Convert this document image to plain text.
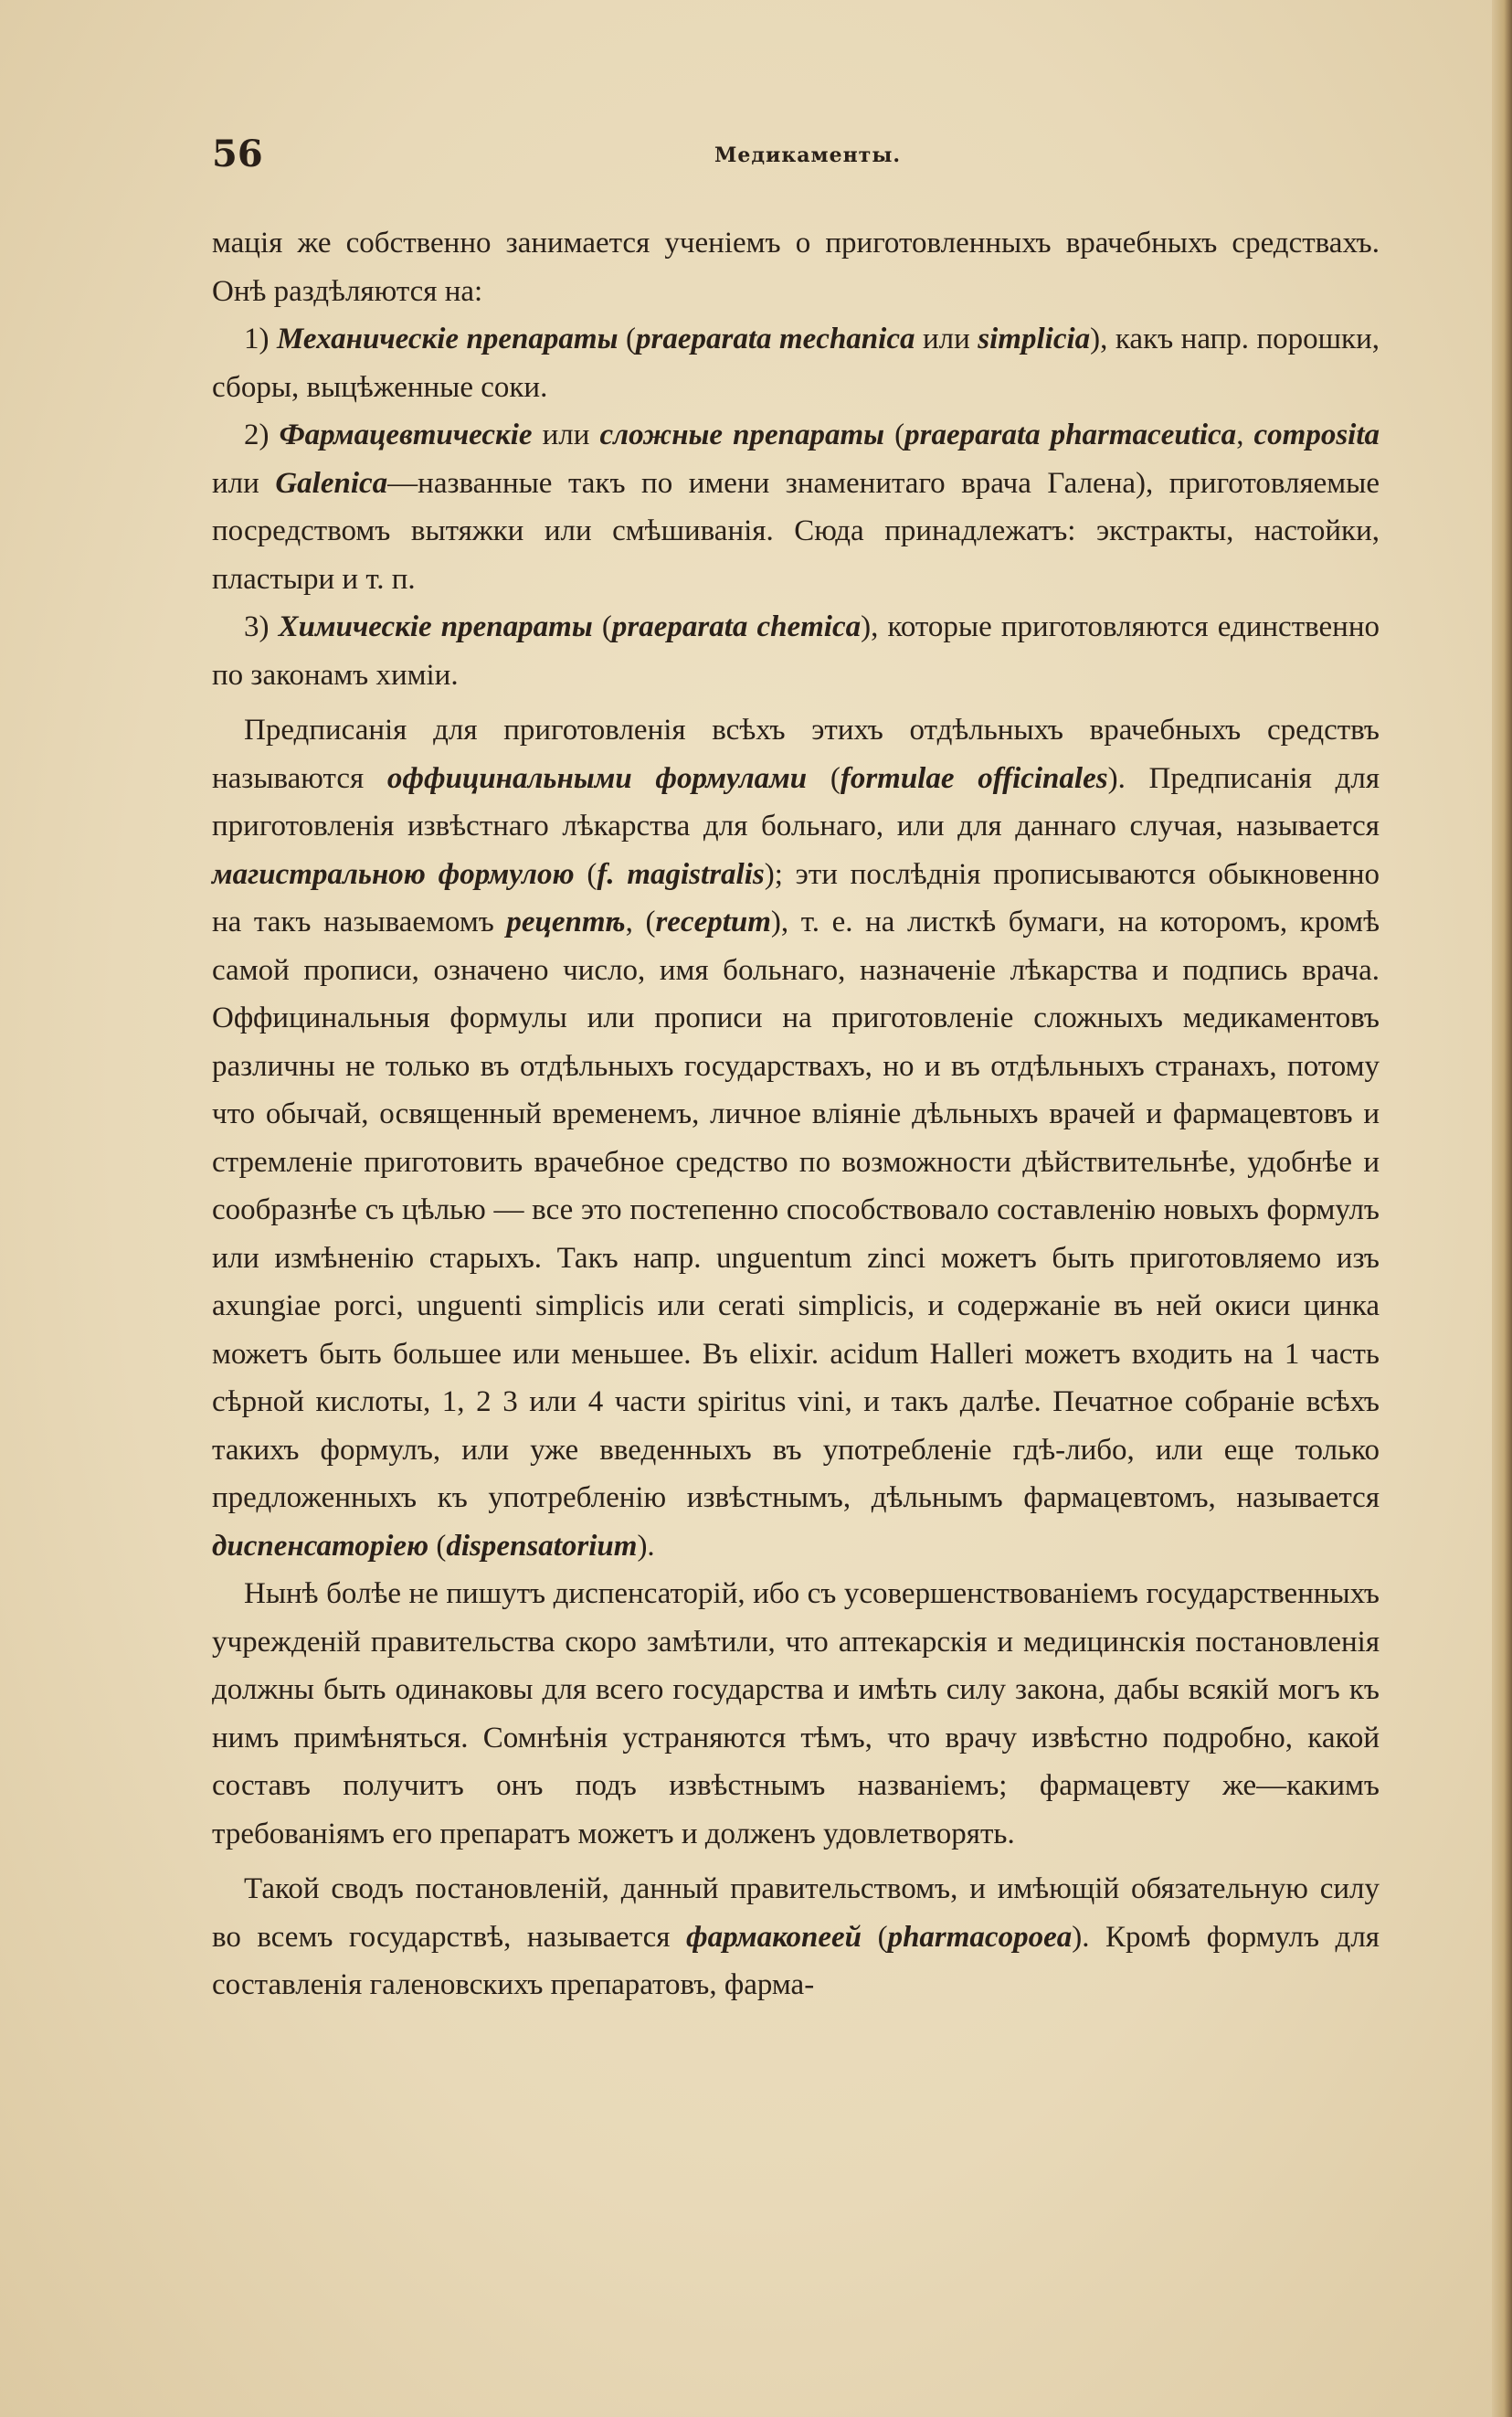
56	Медикаменты.

мація же собственно занимается ученіемъ о приготовленныхъ врачебныхъ средствахъ. Онѣ раздѣляются на:

1) Механическіе препараты (praeparata mechanica или simplicia), какъ напр. порошки, сборы, выцѣженные соки.

2) Фармацевтическіе или сложные препараты (praeparata pharmaceutica, composita или Galenica—названные такъ по имени знаменитаго врача Галена), приготовляемые посредствомъ вытяжки или смѣшиванія. Сюда принадлежатъ: экстракты, настойки, пластыри и т. п.

3) Химическіе препараты (praeparata chemica), которые приготовляются единственно по законамъ химіи.

Предписанія для приготовленія всѣхъ этихъ отдѣльныхъ врачебныхъ средствъ называются оффицинальными формулами (formulae officinales). Предписанія для приготовленія извѣстнаго лѣкарства для больнаго, или для даннаго случая, называется магистральною формулою (f. magistralis); эти послѣднія прописываются обыкновенно на такъ называемомъ рецептѣ, (receptum), т. е. на листкѣ бумаги, на которомъ, кромѣ самой прописи, означено число, имя больнаго, назначеніе лѣкарства и подпись врача. Оффицинальныя формулы или прописи на приготовленіе сложныхъ медикаментовъ различны не только въ отдѣльныхъ государствахъ, но и въ отдѣльныхъ странахъ, потому что обычай, освященный временемъ, личное вліяніе дѣльныхъ врачей и фармацевтовъ и стремленіе приготовить врачебное средство по возможности дѣйствительнѣе, удобнѣе и сообразнѣе съ цѣлью — все это постепенно способствовало составленію новыхъ формулъ или измѣненію старыхъ. Такъ напр. unguentum zinci можетъ быть приготовляемо изъ axungiae porci, unguenti simplicis или cerati simplicis, и содержаніе въ ней окиси цинка можетъ быть большее или меньшее. Въ elixir. acidum Halleri можетъ входить на 1 часть сѣрной кислоты, 1, 2 3 или 4 части spiritus vini, и такъ далѣе. Печатное собраніе всѣхъ такихъ формулъ, или уже введенныхъ въ употребленіе гдѣ-либо, или еще только предложенныхъ къ употребленію извѣстнымъ, дѣльнымъ фармацевтомъ, называется диспенсаторіею (dispensatorium).

Нынѣ болѣе не пишутъ диспенсаторій, ибо съ усовершенствованіемъ государственныхъ учрежденій правительства скоро замѣтили, что аптекарскія и медицинскія постановленія должны быть одинаковы для всего государства и имѣть силу закона, дабы всякій могъ къ нимъ примѣняться. Сомнѣнія устраняются тѣмъ, что врачу извѣстно подробно, какой составъ получитъ онъ подъ извѣстнымъ названіемъ; фармацевту же—какимъ требованіямъ его препаратъ можетъ и долженъ удовлетворять.

Такой сводъ постановленій, данный правительствомъ, и имѣющій обязательную силу во всемъ государствѣ, называется фармакопеей (pharmacopoea). Кромѣ формулъ для составленія галеновскихъ препаратовъ, фарма-
